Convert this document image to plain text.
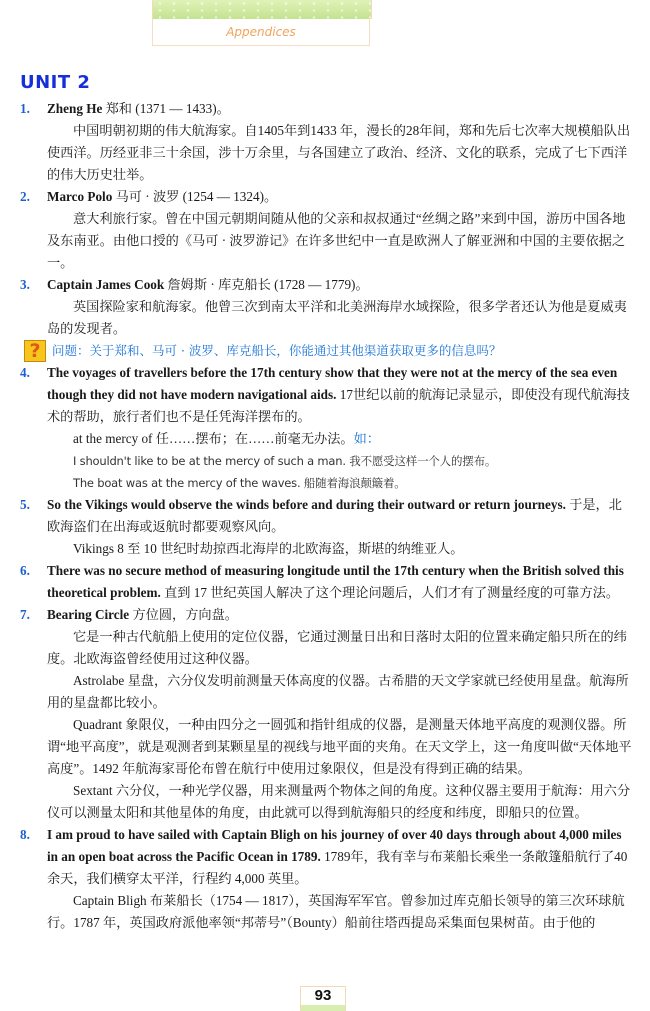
Appendices
UNIT 2
1. Zheng He 郑和 (1371 — 1433)。

中国明朝初期的伟大航海家。自1405年到1433 年，漫长的28年间，郑和先后七次率大规模船队出使西洋。历经亚非三十余国，涉十万余里，与各国建立了政治、经济、文化的联系，完成了七下西洋的伟大历史壮举。

2. Marco Polo 马可 · 波罗 (1254 — 1324)。

意大利旅行家。曾在中国元朝期间随从他的父亲和叔叔通过“丝绸之路”来到中国，游历中国各地及东南亚。由他口授的《马可 · 波罗游记》在许多世纪中一直是欧洲人了解亚洲和中国的主要依据之一。

3. Captain James Cook 詹姆斯 · 库克船长 (1728 — 1779)。

英国探险家和航海家。他曾三次到南太平洋和北美洲海岸水域探险，很多学者还认为他是夏威夷岛的发现者。

? 问题：关于郑和、马可 · 波罗、库克船长，你能通过其他渠道获取更多的信息吗？
4. The voyages of travellers before the 17th century show that they were not at the mercy of the sea even though they did not have modern navigational aids. 17世纪以前的航海记录显示，即使没有现代航海技术的帮助，旅行者们也不是任凭海洋摆布的。

at the mercy of 任……摆布；在……前毫无办法。如：

I shouldn't like to be at the mercy of such a man. 我不愿受这样一个人的摆布。

The boat was at the mercy of the waves. 船随着海浪颠簸着。

5. So the Vikings would observe the winds before and during their outward or return journeys. 于是，北欧海盗们在出海或返航时都要观察风向。

Vikings 8 至 10 世纪时劫掠西北海岸的北欧海盗，斯堪的纳维亚人。

6. There was no secure method of measuring longitude until the 17th century when the British solved this theoretical problem. 直到 17 世纪英国人解决了这个理论问题后，人们才有了测量经度的可靠方法。

7. Bearing Circle 方位圆，方向盘。

它是一种古代航船上使用的定位仪器，它通过测量日出和日落时太阳的位置来确定船只所在的纬度。北欧海盗曾经使用过这种仪器。

Astrolabe 星盘，六分仪发明前测量天体高度的仪器。古希腊的天文学家就已经使用星盘。航海所用的星盘都比较小。

Quadrant 象限仪，一种由四分之一圆弧和指针组成的仪器，是测量天体地平高度的观测仪器。所谓“地平高度”，就是观测者到某颗星星的视线与地平面的夹角。在天文学上，这一角度叫做“天体地平高度”。1492 年航海家哥伦布曾在航行中使用过象限仪，但是没有得到正确的结果。

Sextant 六分仪，一种光学仪器，用来测量两个物体之间的角度。这种仪器主要用于航海：用六分仪可以测量太阳和其他星体的角度，由此就可以得到航海船只的经度和纬度，即船只的位置。

8. I am proud to have sailed with Captain Bligh on his journey of over 40 days through about 4,000 miles in an open boat across the Pacific Ocean in 1789. 1789年，我有幸与布莱船长乘坐一条敞篷船航行了40 余天，我们横穿太平洋，行程约 4,000 英里。

Captain Bligh 布莱船长（1754 — 1817），英国海军军官。曾参加过库克船长领导的第三次环球航行。1787 年，英国政府派他率领“邦蒂号”（Bounty）船前往塔西提岛采集面包果树苗。由于他的

93
